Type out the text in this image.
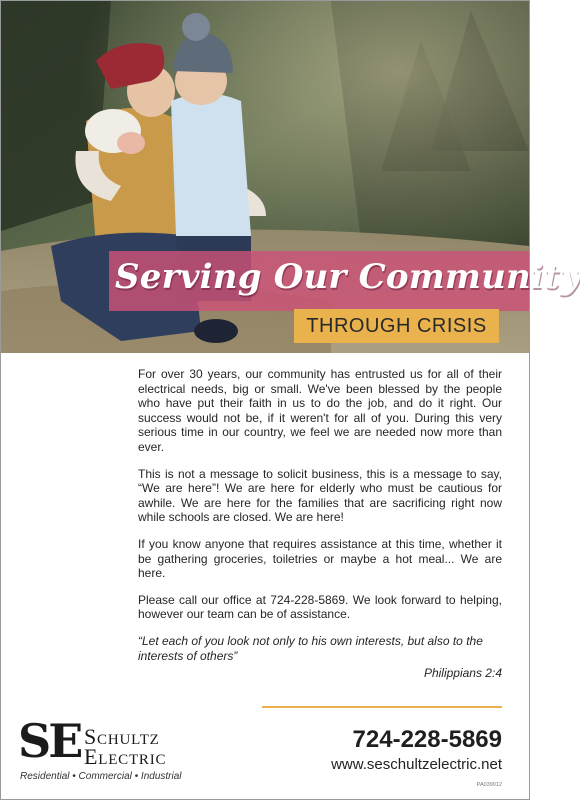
Serving Our Community
THROUGH CRISIS

For over 30 years, our community has entrusted us for all of their electrical needs, big or small. We've been blessed by the people who have put their faith in us to do the job, and do it right. Our success would not be, if it weren't for all of you. During this very serious time in our country, we feel we are needed now more than ever.

This is not a message to solicit business, this is a message to say, “We are here”! We are here for elderly who must be cautious for awhile. We are here for the families that are sacrificing right now while schools are closed. We are here!

If you know anyone that requires assistance at this time, whether it be gathering groceries, toiletries or maybe a hot meal... We are here.

Please call our office at 724-228-5869. We look forward to helping, however our team can be of assistance.

“Let each of you look not only to his own interests, but also to the interests of others”

Philippians 2:4

SE Schultz
Electric
Residential • Commercial • Industrial
724-228-5869
www.seschultzelectric.net
PA039012
